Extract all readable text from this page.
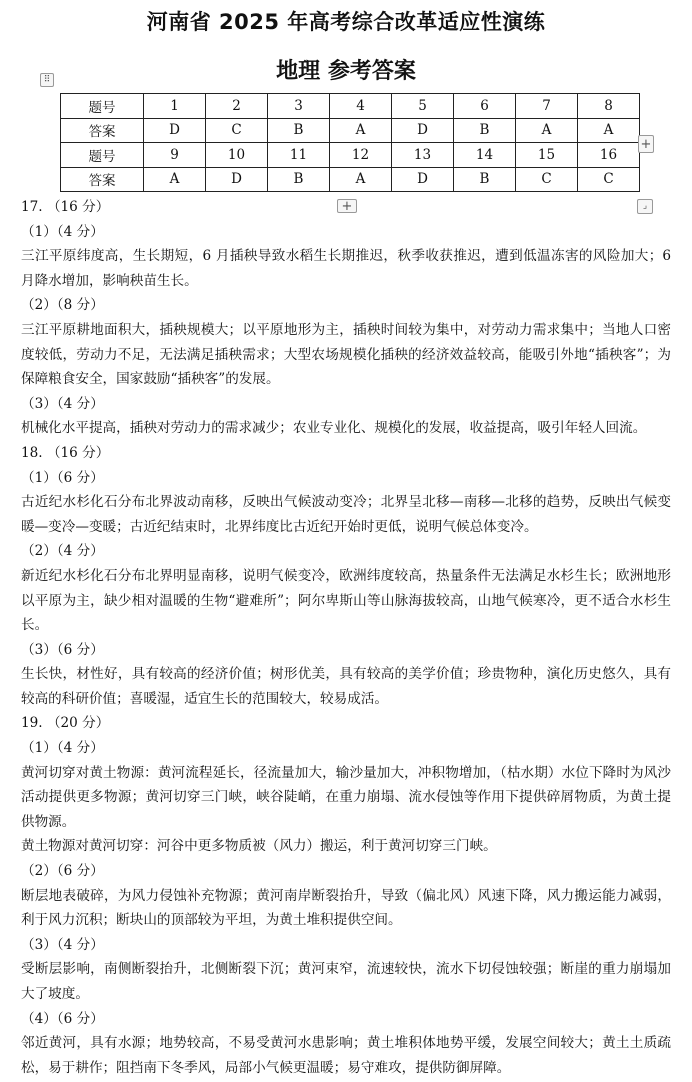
河南省 2025 年高考综合改革适应性演练
地理 参考答案
⠿
题号	1	2	3	4	5	6	7	8
答案	D	C	B	A	D	B	A	A
题号	9	10	11	12	13	14	15	16
答案	A	D	B	A	D	B	C	C
+
+	⌟

17. （16 分）

（1）（4 分）

三江平原纬度高，生长期短，6 月插秧导致水稻生长期推迟，秋季收获推迟，遭到低温冻害的风险加大；6 月降水增加，影响秧苗生长。

（2）（8 分）

三江平原耕地面积大，插秧规模大；以平原地形为主，插秧时间较为集中，对劳动力需求集中；当地人口密度较低，劳动力不足，无法满足插秧需求；大型农场规模化插秧的经济效益较高，能吸引外地“插秧客”；为保障粮食安全，国家鼓励“插秧客”的发展。

（3）（4 分）

机械化水平提高，插秧对劳动力的需求减少；农业专业化、规模化的发展，收益提高，吸引年轻人回流。

18. （16 分）

（1）（6 分）

古近纪水杉化石分布北界波动南移，反映出气候波动变冷；北界呈北移—南移—北移的趋势，反映出气候变暖—变冷—变暖；古近纪结束时，北界纬度比古近纪开始时更低，说明气候总体变冷。

（2）（4 分）

新近纪水杉化石分布北界明显南移，说明气候变冷，欧洲纬度较高，热量条件无法满足水杉生长；欧洲地形以平原为主，缺少相对温暖的生物“避难所”；阿尔卑斯山等山脉海拔较高，山地气候寒冷，更不适合水杉生长。

（3）（6 分）

生长快，材性好，具有较高的经济价值；树形优美，具有较高的美学价值；珍贵物种，演化历史悠久，具有较高的科研价值；喜暖湿，适宜生长的范围较大，较易成活。

19. （20 分）

（1）（4 分）

黄河切穿对黄土物源：黄河流程延长，径流量加大，输沙量加大，冲积物增加，（枯水期）水位下降时为风沙活动提供更多物源；黄河切穿三门峡，峡谷陡峭，在重力崩塌、流水侵蚀等作用下提供碎屑物质，为黄土提供物源。

黄土物源对黄河切穿：河谷中更多物质被（风力）搬运，利于黄河切穿三门峡。

（2）（6 分）

断层地表破碎，为风力侵蚀补充物源；黄河南岸断裂抬升，导致（偏北风）风速下降，风力搬运能力减弱，利于风力沉积；断块山的顶部较为平坦，为黄土堆积提供空间。

（3）（4 分）

受断层影响，南侧断裂抬升，北侧断裂下沉；黄河束窄，流速较快，流水下切侵蚀较强；断崖的重力崩塌加大了坡度。

（4）（6 分）

邻近黄河，具有水源；地势较高，不易受黄河水患影响；黄土堆积体地势平缓，发展空间较大；黄土土质疏松，易于耕作；阻挡南下冬季风，局部小气候更温暖；易守难攻，提供防御屏障。
